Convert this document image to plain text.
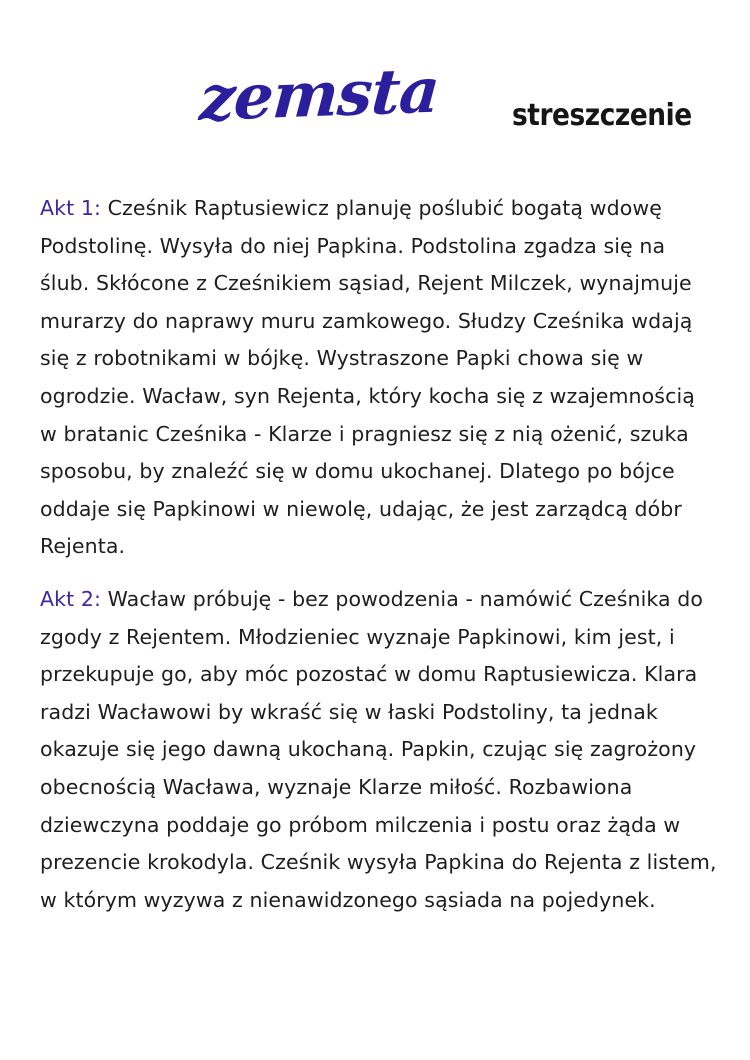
zemsta streszczenie

Akt 1: Cześnik Raptusiewicz planuję poślubić bogatą wdowę Podstolinę. Wysyła do niej Papkina. Podstolina zgadza się na ślub. Skłócone z Cześnikiem sąsiad, Rejent Milczek, wynajmuje murarzy do naprawy muru zamkowego. Słudzy Cześnika wdają się z robotnikami w bójkę. Wystraszone Papki chowa się w ogrodzie. Wacław, syn Rejenta, który kocha się z wzajemnością w bratanic Cześnika - Klarze i pragniesz się z nią ożenić, szuka sposobu, by znaleźć się w domu ukochanej. Dlatego po bójce oddaje się Papkinowi w niewolę, udając, że jest zarządcą dóbr Rejenta.

Akt 2: Wacław próbuję - bez powodzenia - namówić Cześnika do zgody z Rejentem. Młodzieniec wyznaje Papkinowi, kim jest, i przekupuje go, aby móc pozostać w domu Raptusiewicza. Klara radzi Wacławowi by wkraść się w łaski Podstoliny, ta jednak okazuje się jego dawną ukochaną. Papkin, czując się zagrożony obecnością Wacława, wyznaje Klarze miłość. Rozbawiona dziewczyna poddaje go próbom milczenia i postu oraz żąda w prezencie krokodyla. Cześnik wysyła Papkina do Rejenta z listem, w którym wyzywa z nienawidzonego sąsiada na pojedynek.
